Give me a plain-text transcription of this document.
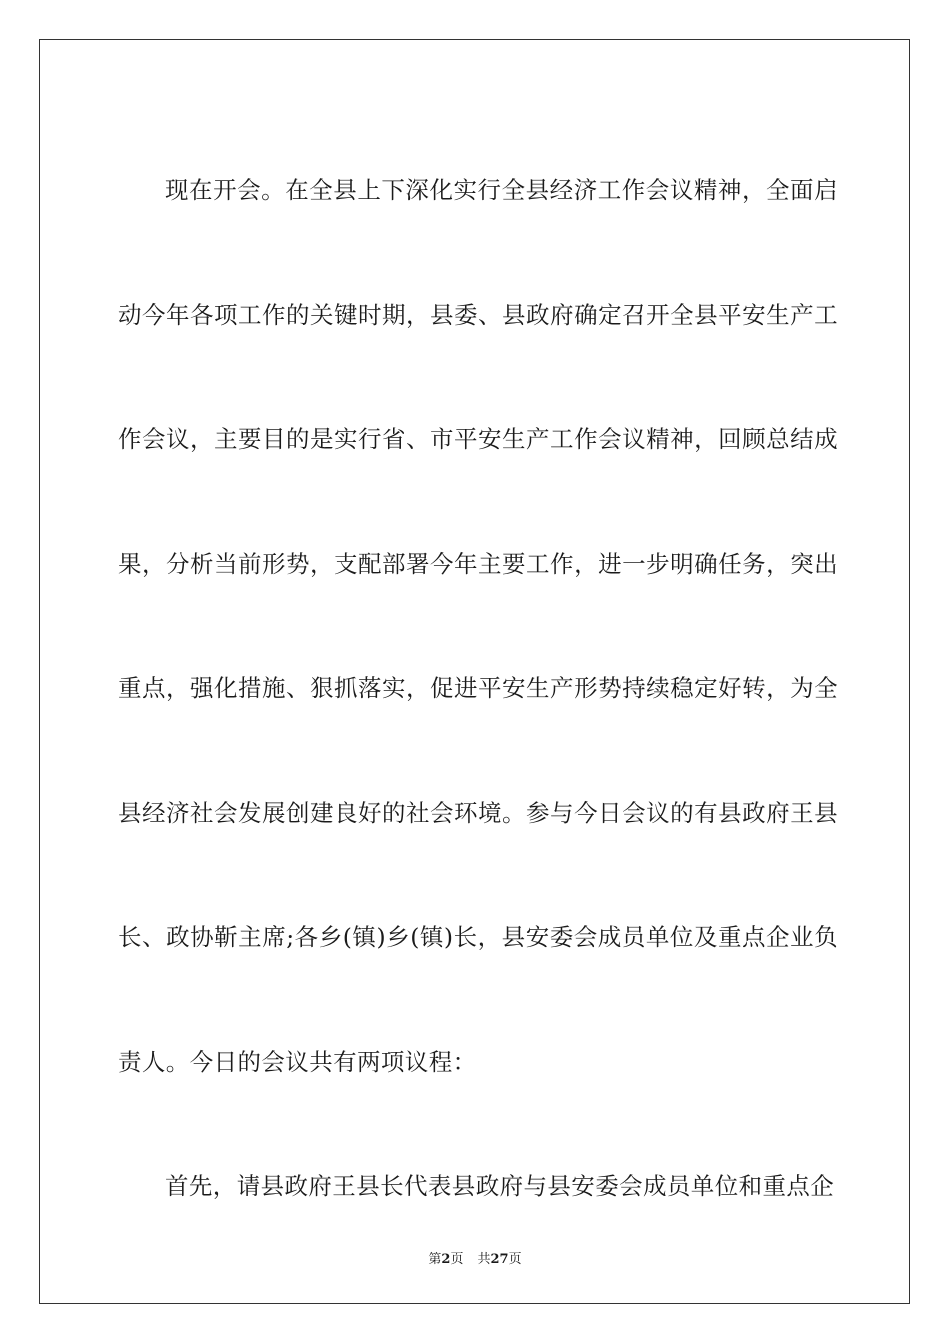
现在开会。在全县上下深化实行全县经济工作会议精神，全面启动今年各项工作的关键时期，县委、县政府确定召开全县平安生产工作会议，主要目的是实行省、市平安生产工作会议精神，回顾总结成果，分析当前形势，支配部署今年主要工作，进一步明确任务，突出重点，强化措施、狠抓落实，促进平安生产形势持续稳定好转，为全县经济社会发展创建良好的社会环境。参与今日会议的有县政府王县长、政协靳主席;各乡(镇)乡(镇)长，县安委会成员单位及重点企业负责人。今日的会议共有两项议程：

首先，请县政府王县长代表县政府与县安委会成员单位和重点企

第2页 共27页
